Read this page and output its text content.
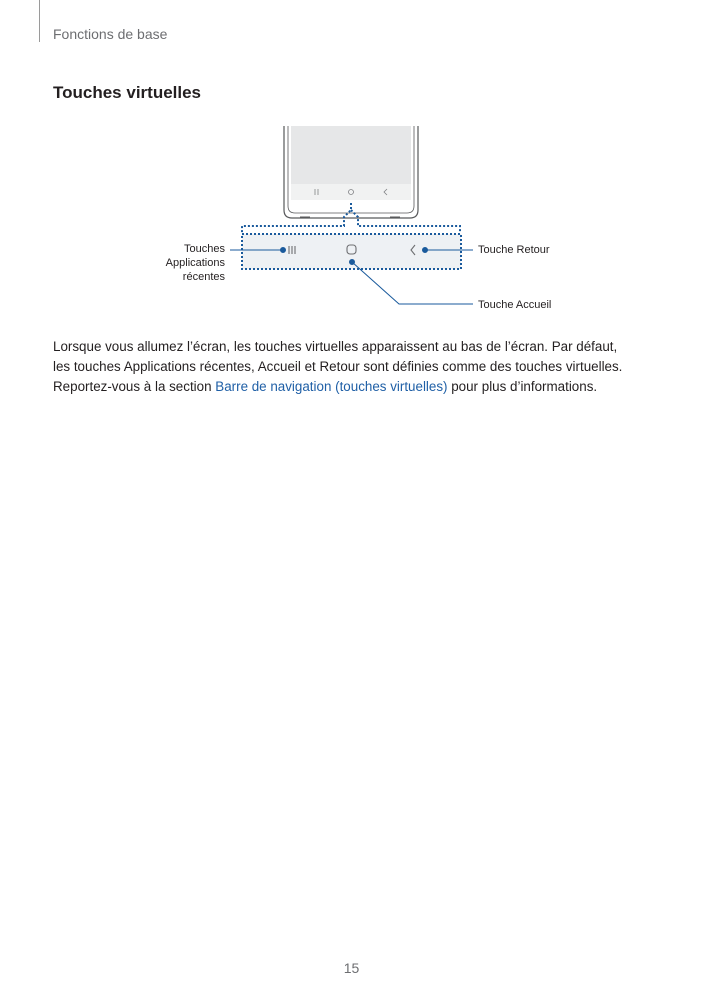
Fonctions de base
Touches virtuelles
Touches
Applications
récentes
Touche Retour
Touche Accueil

Lorsque vous allumez l’écran, les touches virtuelles apparaissent au bas de l’écran. Par défaut,

les touches Applications récentes, Accueil et Retour sont définies comme des touches virtuelles.

Reportez-vous à la section Barre de navigation (touches virtuelles) pour plus d’informations.

15
